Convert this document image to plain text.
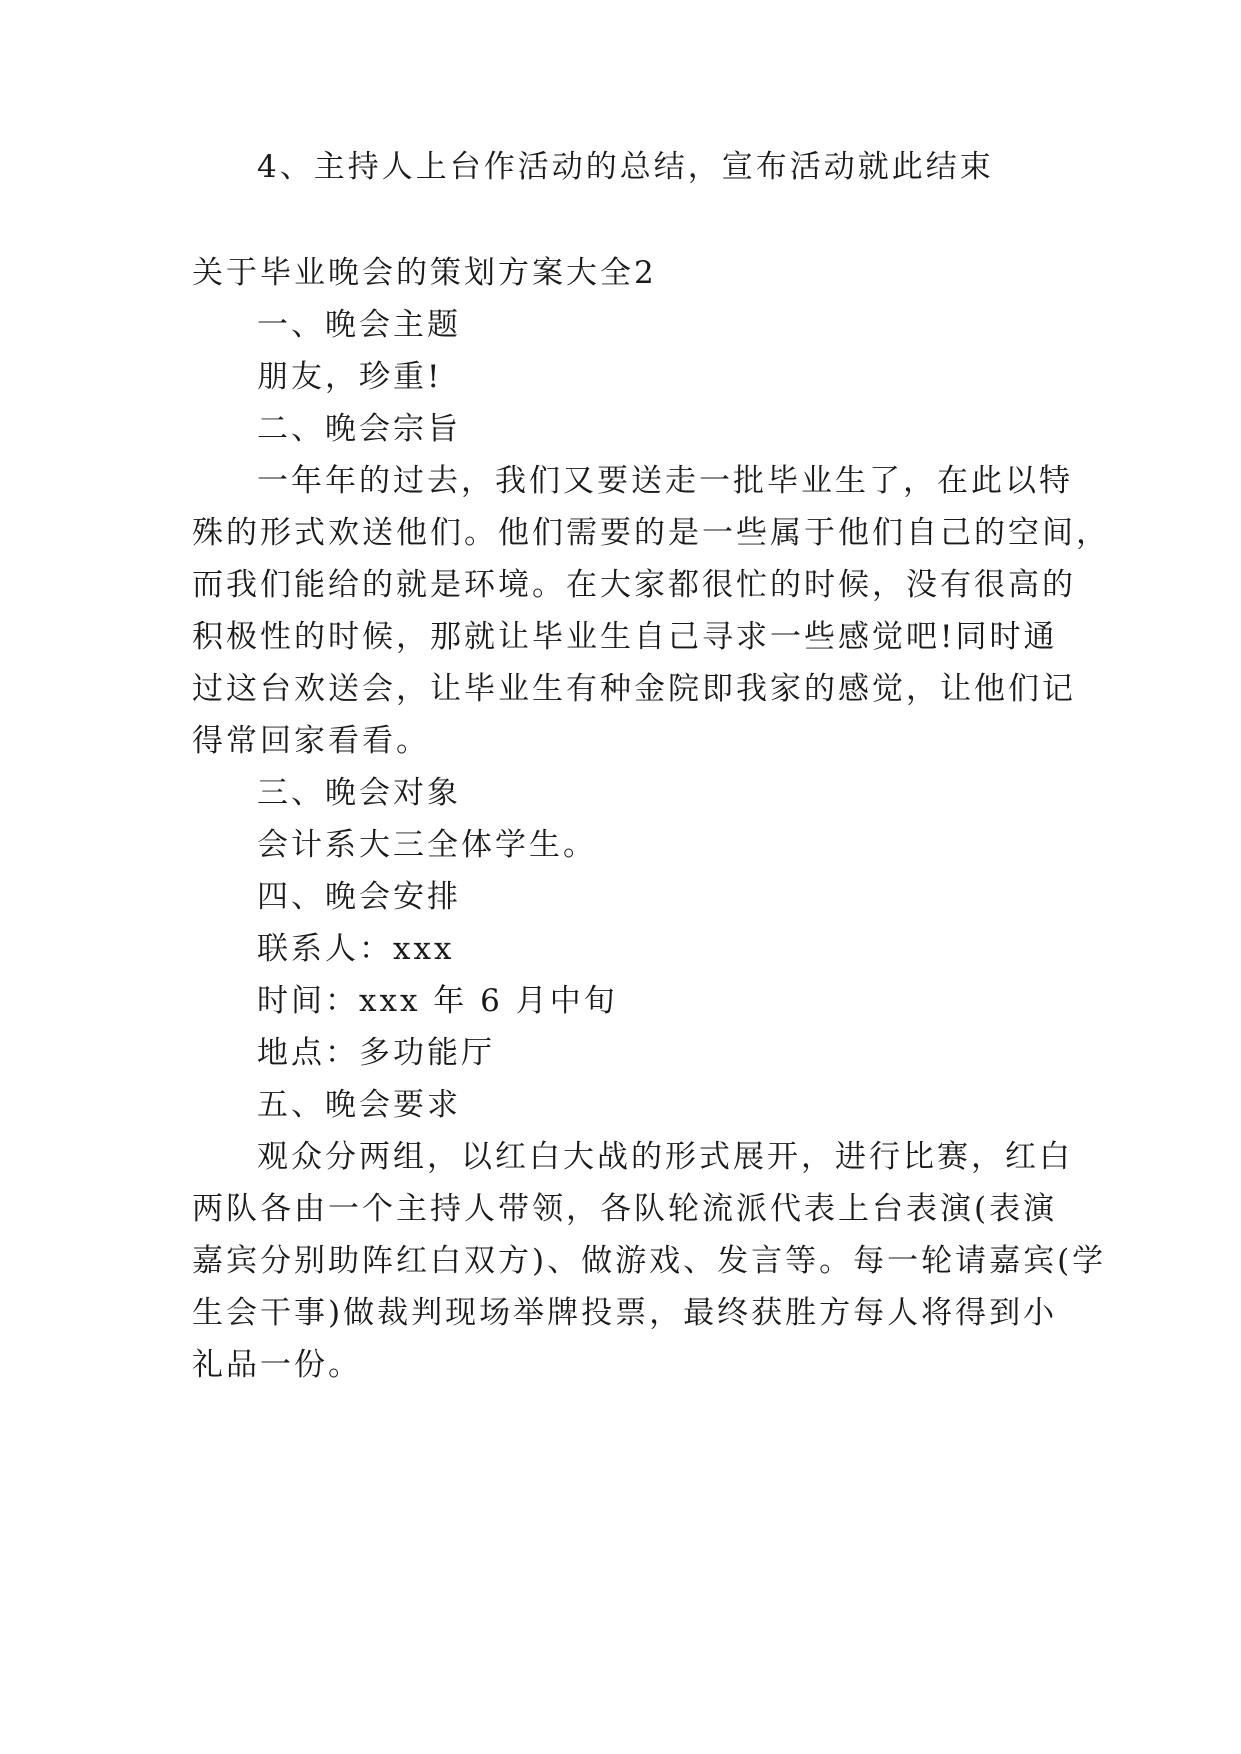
4、主持人上台作活动的总结，宣布活动就此结束
关于毕业晚会的策划方案大全2
一、晚会主题
朋友，珍重!
二、晚会宗旨
一年年的过去，我们又要送走一批毕业生了，在此以特
殊的形式欢送他们。他们需要的是一些属于他们自己的空间，
而我们能给的就是环境。在大家都很忙的时候，没有很高的
积极性的时候，那就让毕业生自己寻求一些感觉吧!同时通
过这台欢送会，让毕业生有种金院即我家的感觉，让他们记
得常回家看看。
三、晚会对象
会计系大三全体学生。
四、晚会安排
联系人：xxx
时间：xxx 年 6 月中旬
地点：多功能厅
五、晚会要求
观众分两组，以红白大战的形式展开，进行比赛，红白
两队各由一个主持人带领，各队轮流派代表上台表演(表演
嘉宾分别助阵红白双方)、做游戏、发言等。每一轮请嘉宾(学
生会干事)做裁判现场举牌投票，最终获胜方每人将得到小
礼品一份。
